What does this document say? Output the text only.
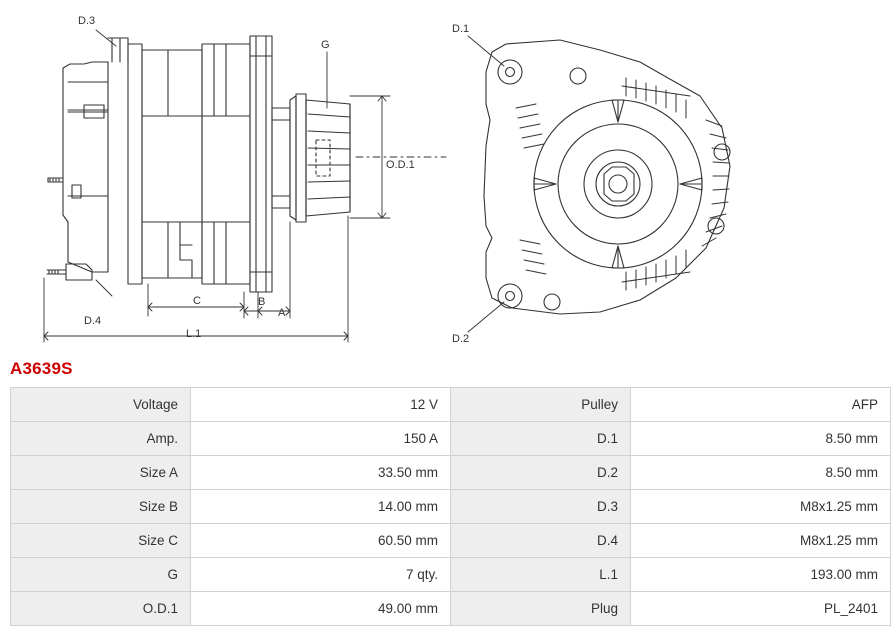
D.3
D.4
G
O.D.1
A
B
C
L.1
D.1
D.2
A3639S
Voltage	12 V	Pulley	AFP
Amp.	150 A	D.1	8.50 mm
Size A	33.50 mm	D.2	8.50 mm
Size B	14.00 mm	D.3	M8x1.25 mm
Size C	60.50 mm	D.4	M8x1.25 mm
G	7 qty.	L.1	193.00 mm
O.D.1	49.00 mm	Plug	PL_2401
